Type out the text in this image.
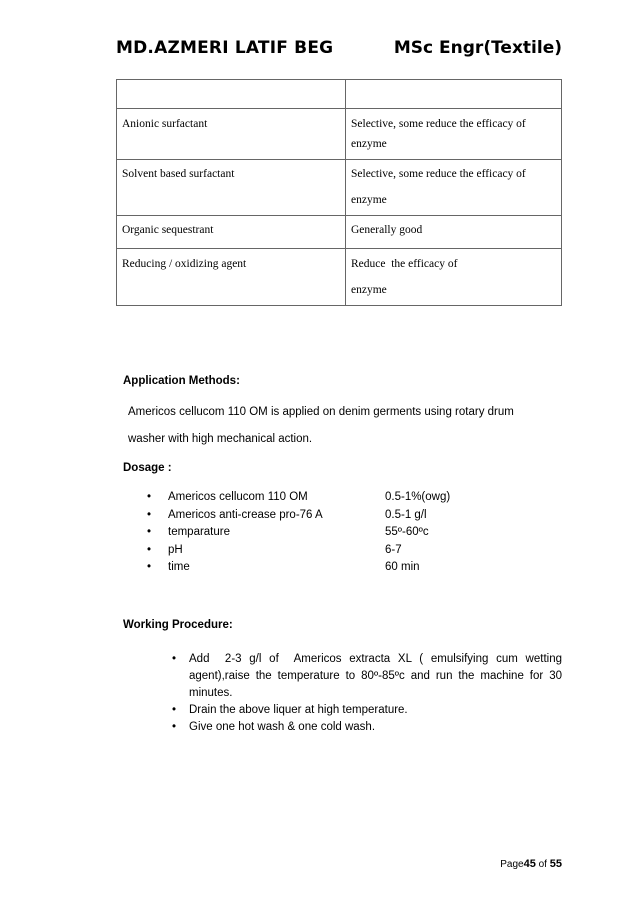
MD.AZMERI LATIF BEG	MSc Engr(Textile)

Anionic surfactant	Selective, some reduce the efficacy of
enzyme

Solvent based surfactant	Selective, some reduce the efficacy of
enzyme

Organic sequestrant	Generally good

Reducing / oxidizing agent	Reduce  the efficacy of
enzyme
Application Methods:
Americos cellucom 110 OM is applied on denim germents using rotary drum
washer with high mechanical action.
Dosage :
• Americos cellucom 110 OM	0.5-1%(owg)
• Americos anti-crease pro-76 A	0.5-1 g/l
• temparature	55º-60ºc
• pH	6-7
• time	60 min
Working Procedure:
• Add  2-3 g/l of  Americos extracta XL ( emulsifying cum wetting agent),raise the temperature to 80º-85ºc and run the machine for 30 minutes.
• Drain the above liquer at high temperature.
• Give one hot wash & one cold wash.
Page45 of 55
